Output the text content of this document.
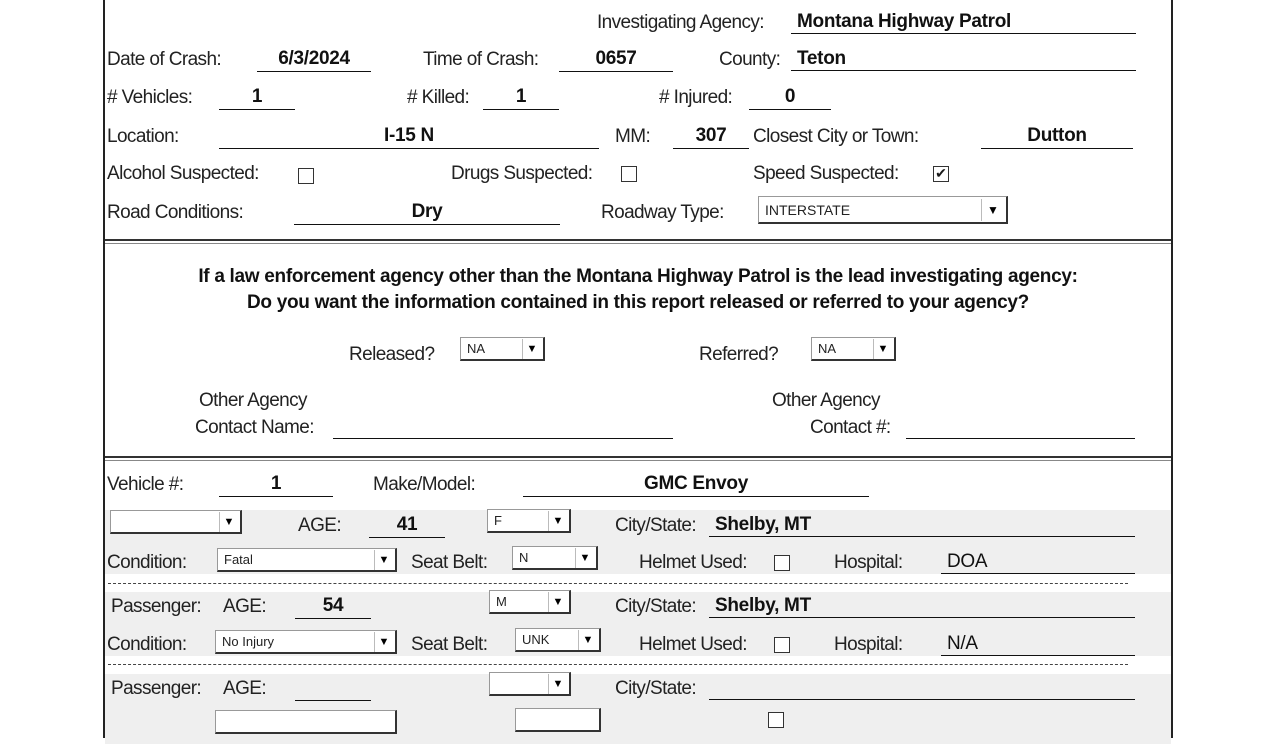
Investigating Agency:	Montana Highway Patrol
Date of Crash:	6/3/2024	Time of Crash:	0657	County: Teton
# Vehicles:	1	# Killed:	1	# Injured:	0
Location:	I-15 N	MM:	307	Closest City or Town:	Dutton
Alcohol Suspected:	Drugs Suspected:	Speed Suspected:	✔
Road Conditions:	Dry	Roadway Type:	INTERSTATE	▼
If a law enforcement agency other than the Montana Highway Patrol is the lead investigating agency:
Do you want the information contained in this report released or referred to your agency?
Released?	NA	▼	Referred?	NA	▼
Other Agency
Contact Name:
Other Agency
Contact #:
Vehicle #:	1	Make/Model:	GMC Envoy
▼	AGE:	41	F	▼	City/State: Shelby, MT
Condition:	Fatal	▼ Seat Belt: N	▼	Helmet Used:	Hospital:	DOA
Passenger: AGE:	54	M	▼	City/State: Shelby, MT
Condition:	No Injury	▼ Seat Belt:	UNK	▼ Helmet Used:	Hospital:	N/A
Passenger: AGE:	▼	City/State:
